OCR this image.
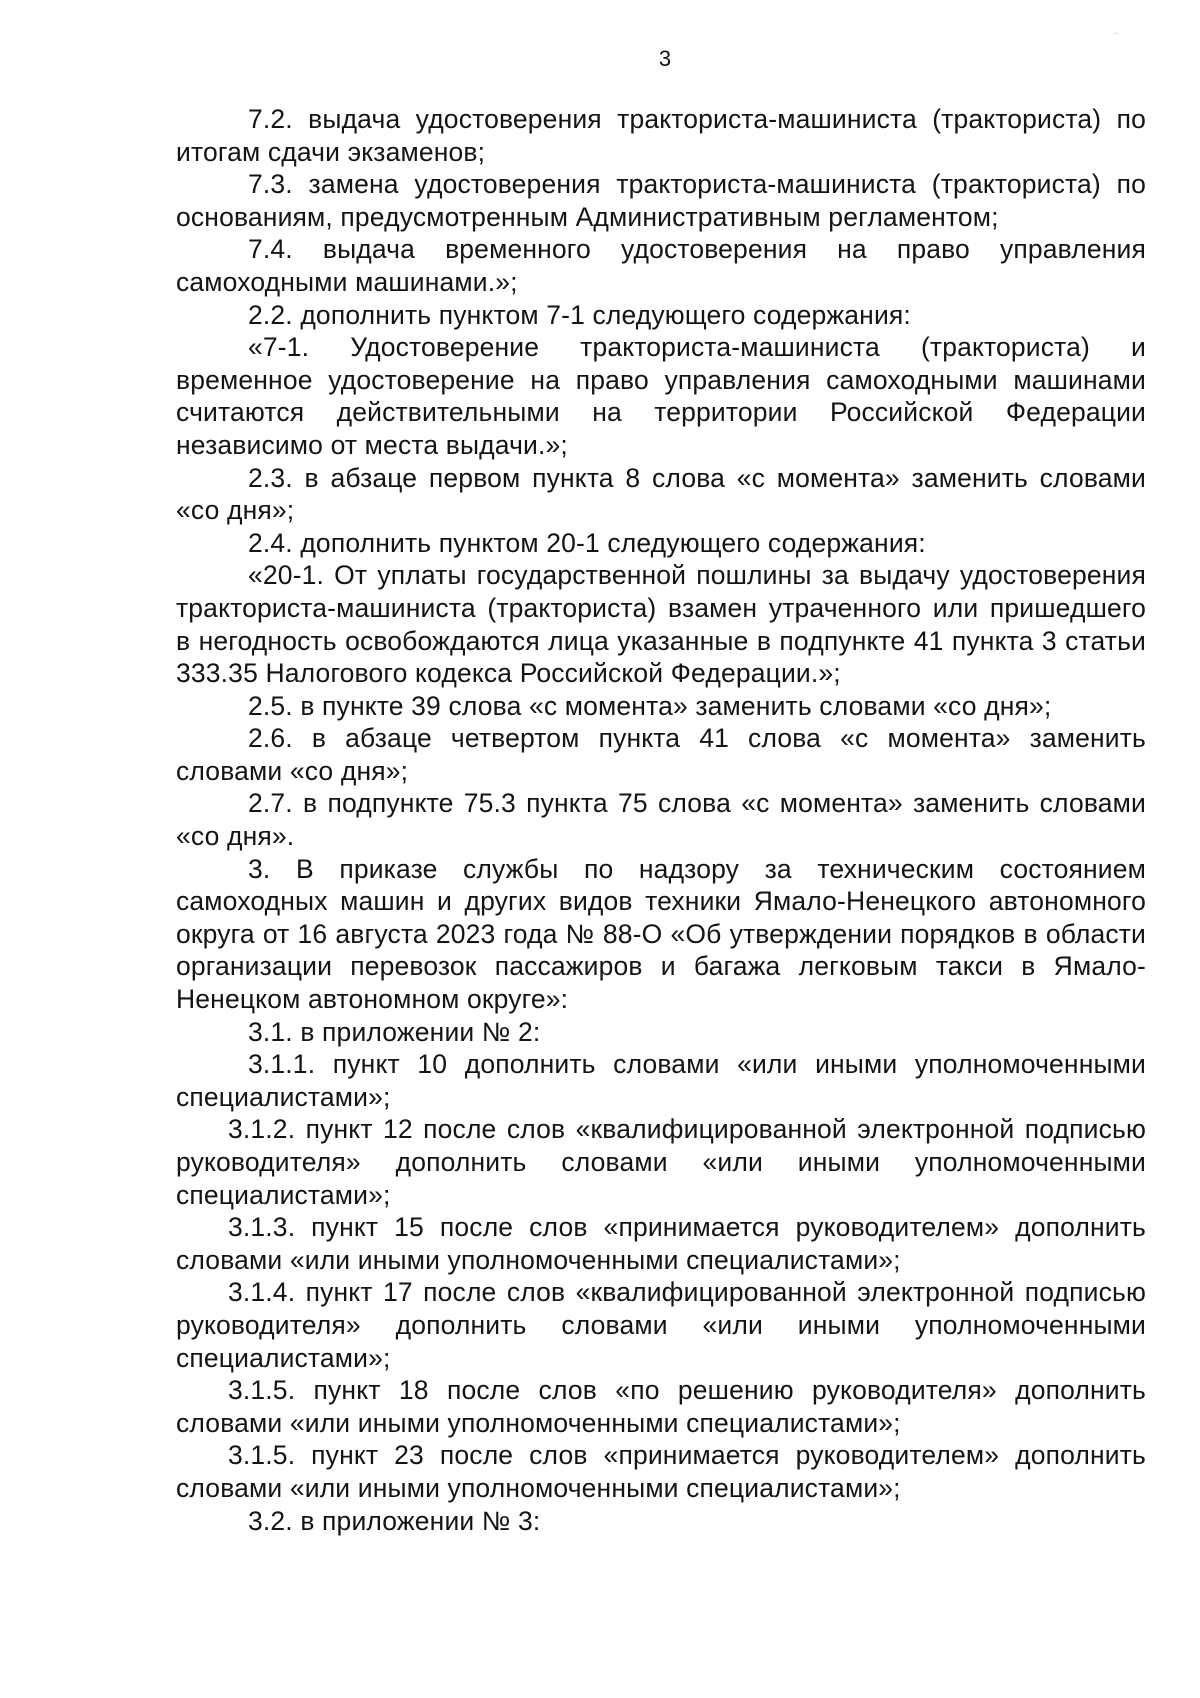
3

7.2. выдача удостоверения тракториста-машиниста (тракториста) по итогам сдачи экзаменов;

7.3. замена удостоверения тракториста-машиниста (тракториста) по основаниям, предусмотренным Административным регламентом;

7.4. выдача временного удостоверения на право управления самоходными машинами.»;

2.2. дополнить пунктом 7-1 следующего содержания:

«7-1. Удостоверение тракториста-машиниста (тракториста) и временное удостоверение на право управления самоходными машинами считаются действительными на территории Российской Федерации независимо от места выдачи.»;

2.3. в абзаце первом пункта 8 слова «с момента» заменить словами «со дня»;

2.4. дополнить пунктом 20-1 следующего содержания:

«20-1. От уплаты государственной пошлины за выдачу удостоверения тракториста-машиниста (тракториста) взамен утраченного или пришедшего в негодность освобождаются лица указанные в подпункте 41 пункта 3 статьи 333.35 Налогового кодекса Российской Федерации.»;

2.5. в пункте 39 слова «с момента» заменить словами «со дня»;

2.6. в абзаце четвертом пункта 41 слова «с момента» заменить словами «со дня»;

2.7. в подпункте 75.3 пункта 75 слова «с момента» заменить словами «со дня».

3. В приказе службы по надзору за техническим состоянием самоходных машин и других видов техники Ямало-Ненецкого автономного округа от 16 августа 2023 года № 88-О «Об утверждении порядков в области организации перевозок пассажиров и багажа легковым такси в Ямало-Ненецком автономном округе»:

3.1. в приложении № 2:

3.1.1. пункт 10 дополнить словами «или иными уполномоченными специалистами»;

3.1.2. пункт 12 после слов «квалифицированной электронной подписью руководителя» дополнить словами «или иными уполномоченными специалистами»;

3.1.3. пункт 15 после слов «принимается руководителем» дополнить словами «или иными уполномоченными специалистами»;

3.1.4. пункт 17 после слов «квалифицированной электронной подписью руководителя» дополнить словами «или иными уполномоченными специалистами»;

3.1.5. пункт 18 после слов «по решению руководителя» дополнить словами «или иными уполномоченными специалистами»;

3.1.5. пункт 23 после слов «принимается руководителем» дополнить словами «или иными уполномоченными специалистами»;

3.2. в приложении № 3:
